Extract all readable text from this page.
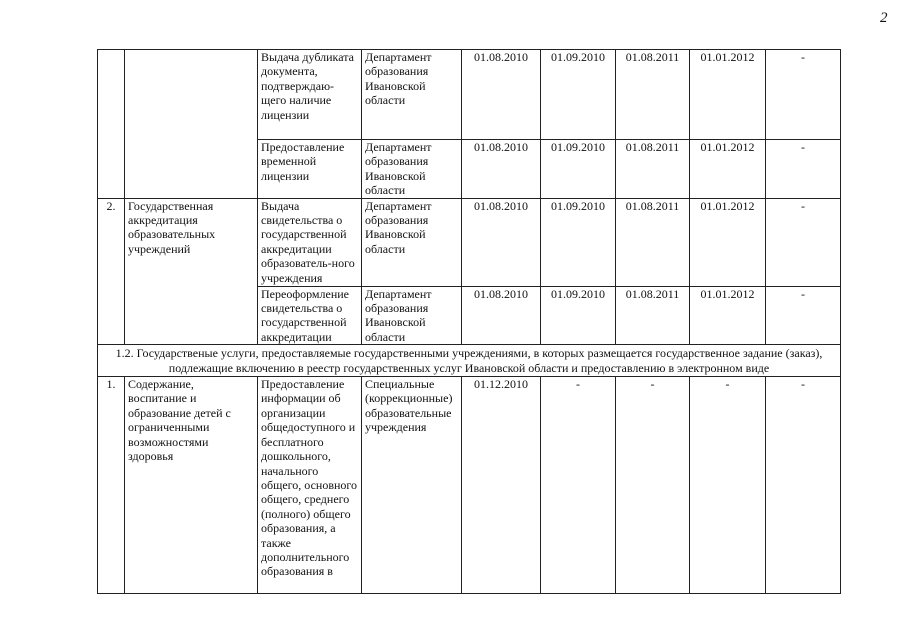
2
		Выдача дубликата документа, подтверждаю-щего наличие лицензии	Департамент образования Ивановской области	01.08.2010	01.09.2010	01.08.2011	01.01.2012	-
		Предоставление временной лицензии	Департамент образования Ивановской области	01.08.2010	01.09.2010	01.08.2011	01.01.2012	-
2.	Государственная аккредитация образовательных учреждений	Выдача свидетельства о государственной аккредитации образователь-ного учреждения	Департамент образования Ивановской области	01.08.2010	01.09.2010	01.08.2011	01.01.2012	-
		Переоформление свидетельства о государственной аккредитации	Департамент образования Ивановской области	01.08.2010	01.09.2010	01.08.2011	01.01.2012	-
1.2. Государственые услуги, предоставляемые государственными учреждениями, в которых размещается государственное задание (заказ), подлежащие включению в реестр государственных услуг Ивановской области и предоставлению в электронном виде								
1.	Содержание, воспитание и образование детей с ограниченными возможностями здоровья	Предоставление информации об организации общедоступного и бесплатного дошкольного, начального общего, основного общего, среднего (полного) общего образования, а также дополнительного образования в	Специальные (коррекционные) образовательные учреждения	01.12.2010	-	-	-	-
